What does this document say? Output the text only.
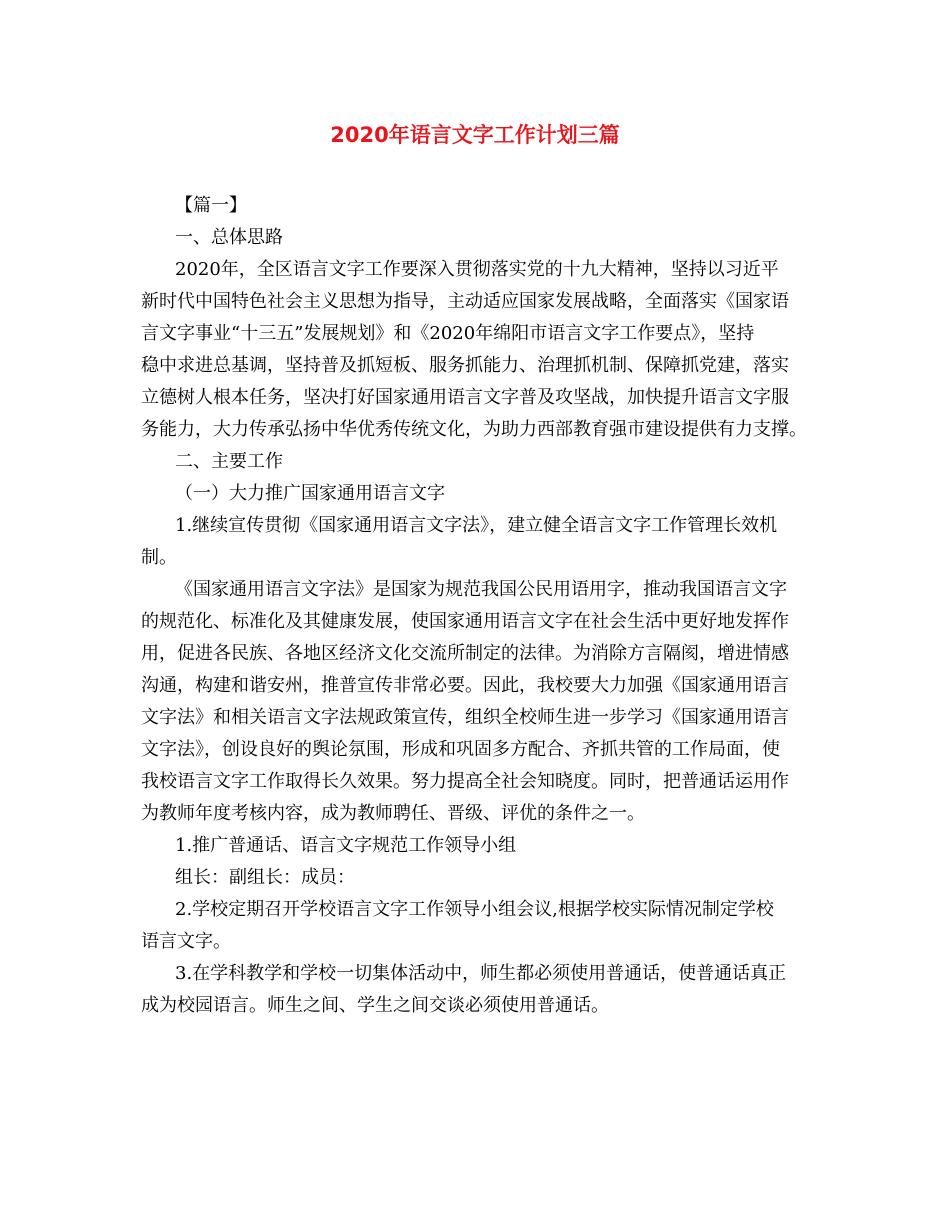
2020年语言文字工作计划三篇

【篇一】

一、总体思路

2020年，全区语言文字工作要深入贯彻落实党的十九大精神，坚持以习近平

新时代中国特色社会主义思想为指导，主动适应国家发展战略，全面落实《国家语

言文字事业“十三五”发展规划》和《2020年绵阳市语言文字工作要点》，坚持

稳中求进总基调，坚持普及抓短板、服务抓能力、治理抓机制、保障抓党建，落实

立德树人根本任务，坚决打好国家通用语言文字普及攻坚战，加快提升语言文字服

务能力，大力传承弘扬中华优秀传统文化，为助力西部教育强市建设提供有力支撑。

二、主要工作

（一）大力推广国家通用语言文字

1.继续宣传贯彻《国家通用语言文字法》，建立健全语言文字工作管理长效机

制。

《国家通用语言文字法》是国家为规范我国公民用语用字，推动我国语言文字

的规范化、标准化及其健康发展，使国家通用语言文字在社会生活中更好地发挥作

用，促进各民族、各地区经济文化交流所制定的法律。为消除方言隔阂，增进情感

沟通，构建和谐安州，推普宣传非常必要。因此，我校要大力加强《国家通用语言

文字法》和相关语言文字法规政策宣传，组织全校师生进一步学习《国家通用语言

文字法》，创设良好的舆论氛围，形成和巩固多方配合、齐抓共管的工作局面，使

我校语言文字工作取得长久效果。努力提高全社会知晓度。同时，把普通话运用作

为教师年度考核内容，成为教师聘任、晋级、评优的条件之一。

1.推广普通话、语言文字规范工作领导小组

组长：副组长：成员：

2.学校定期召开学校语言文字工作领导小组会议,根据学校实际情况制定学校

语言文字。

3.在学科教学和学校一切集体活动中，师生都必须使用普通话，使普通话真正

成为校园语言。师生之间、学生之间交谈必须使用普通话。
